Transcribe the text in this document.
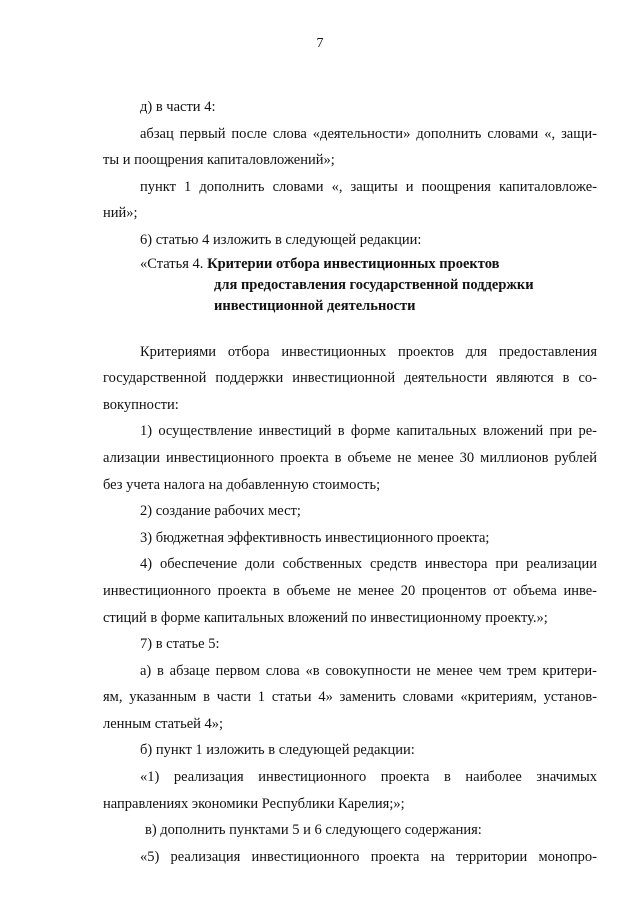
7
д) в части 4:
абзац первый после слова «деятельности» дополнить словами «, защи-
ты и поощрения капиталовложений»;
пункт 1 дополнить словами «, защиты и поощрения капиталовложе-
ний»;
6) статью 4 изложить в следующей редакции:
«Статья 4. Критерии отбора инвестиционных проектов
для предоставления государственной поддержки
инвестиционной деятельности
Критериями отбора инвестиционных проектов для предоставления
государственной поддержки инвестиционной деятельности являются в со-
вокупности:
1) осуществление инвестиций в форме капитальных вложений при ре-
ализации инвестиционного проекта в объеме не менее 30 миллионов рублей
без учета налога на добавленную стоимость;
2) создание рабочих мест;
3) бюджетная эффективность инвестиционного проекта;
4) обеспечение доли собственных средств инвестора при реализации
инвестиционного проекта в объеме не менее 20 процентов от объема инве-
стиций в форме капитальных вложений по инвестиционному проекту.»;
7) в статье 5:
а) в абзаце первом слова «в совокупности не менее чем трем критери-
ям, указанным в части 1 статьи 4» заменить словами «критериям, установ-
ленным статьей 4»;
б) пункт 1 изложить в следующей редакции:
«1) реализация инвестиционного проекта в наиболее значимых
направлениях экономики Республики Карелия;»;
в) дополнить пунктами 5 и 6 следующего содержания:
«5) реализация инвестиционного проекта на территории монопро-
